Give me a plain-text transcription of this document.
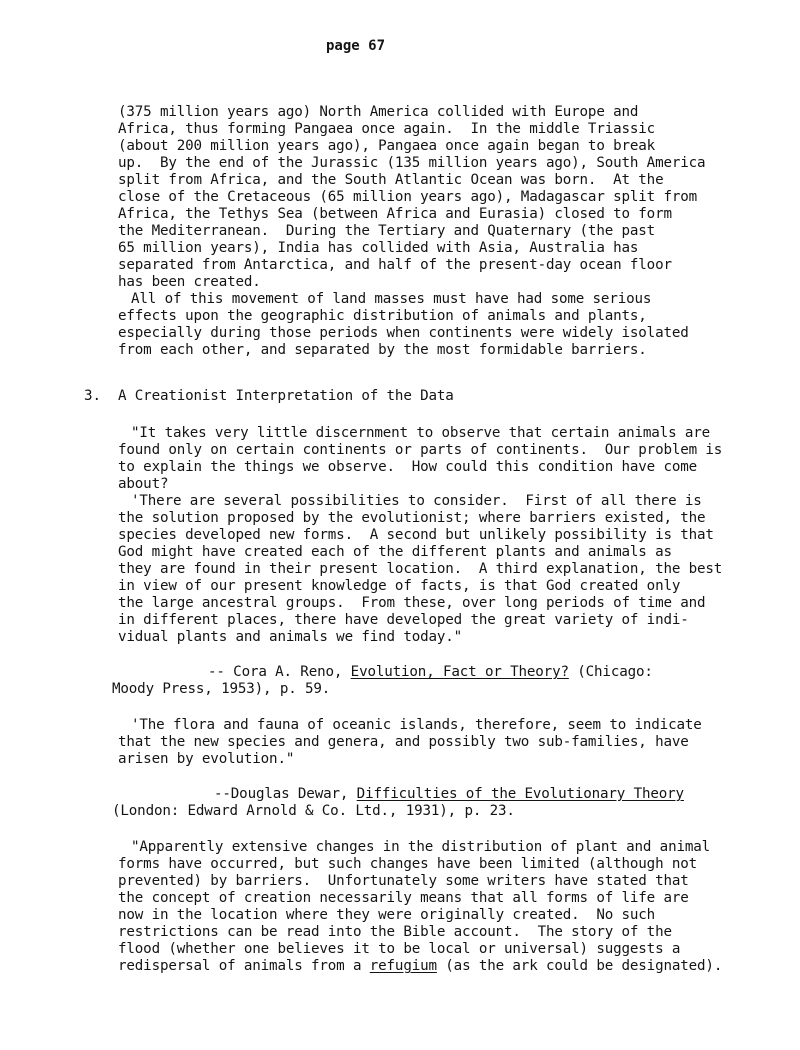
page 67
(375 million years ago) North America collided with Europe and
Africa, thus forming Pangaea once again.  In the middle Triassic
(about 200 million years ago), Pangaea once again began to break
up.  By the end of the Jurassic (135 million years ago), South America
split from Africa, and the South Atlantic Ocean was born.  At the
close of the Cretaceous (65 million years ago), Madagascar split from
Africa, the Tethys Sea (between Africa and Eurasia) closed to form
the Mediterranean.  During the Tertiary and Quaternary (the past
65 million years), India has collided with Asia, Australia has
separated from Antarctica, and half of the present-day ocean floor
has been created.
All of this movement of land masses must have had some serious
effects upon the geographic distribution of animals and plants,
especially during those periods when continents were widely isolated
from each other, and separated by the most formidable barriers.
3. A Creationist Interpretation of the Data
"It takes very little discernment to observe that certain animals are
found only on certain continents or parts of continents.  Our problem is
to explain the things we observe.  How could this condition have come
about?
'There are several possibilities to consider.  First of all there is
the solution proposed by the evolutionist; where barriers existed, the
species developed new forms.  A second but unlikely possibility is that
God might have created each of the different plants and animals as
they are found in their present location.  A third explanation, the best
in view of our present knowledge of facts, is that God created only
the large ancestral groups.  From these, over long periods of time and
in different places, there have developed the great variety of indi-
vidual plants and animals we find today."
-- Cora A. Reno, Evolution, Fact or Theory? (Chicago:
Moody Press, 1953), p. 59.
'The flora and fauna of oceanic islands, therefore, seem to indicate
that the new species and genera, and possibly two sub-families, have
arisen by evolution."
--Douglas Dewar, Difficulties of the Evolutionary Theory
(London: Edward Arnold & Co. Ltd., 1931), p. 23.
"Apparently extensive changes in the distribution of plant and animal
forms have occurred, but such changes have been limited (although not
prevented) by barriers.  Unfortunately some writers have stated that
the concept of creation necessarily means that all forms of life are
now in the location where they were originally created.  No such
restrictions can be read into the Bible account.  The story of the
flood (whether one believes it to be local or universal) suggests a
redispersal of animals from a refugium (as the ark could be designated).
